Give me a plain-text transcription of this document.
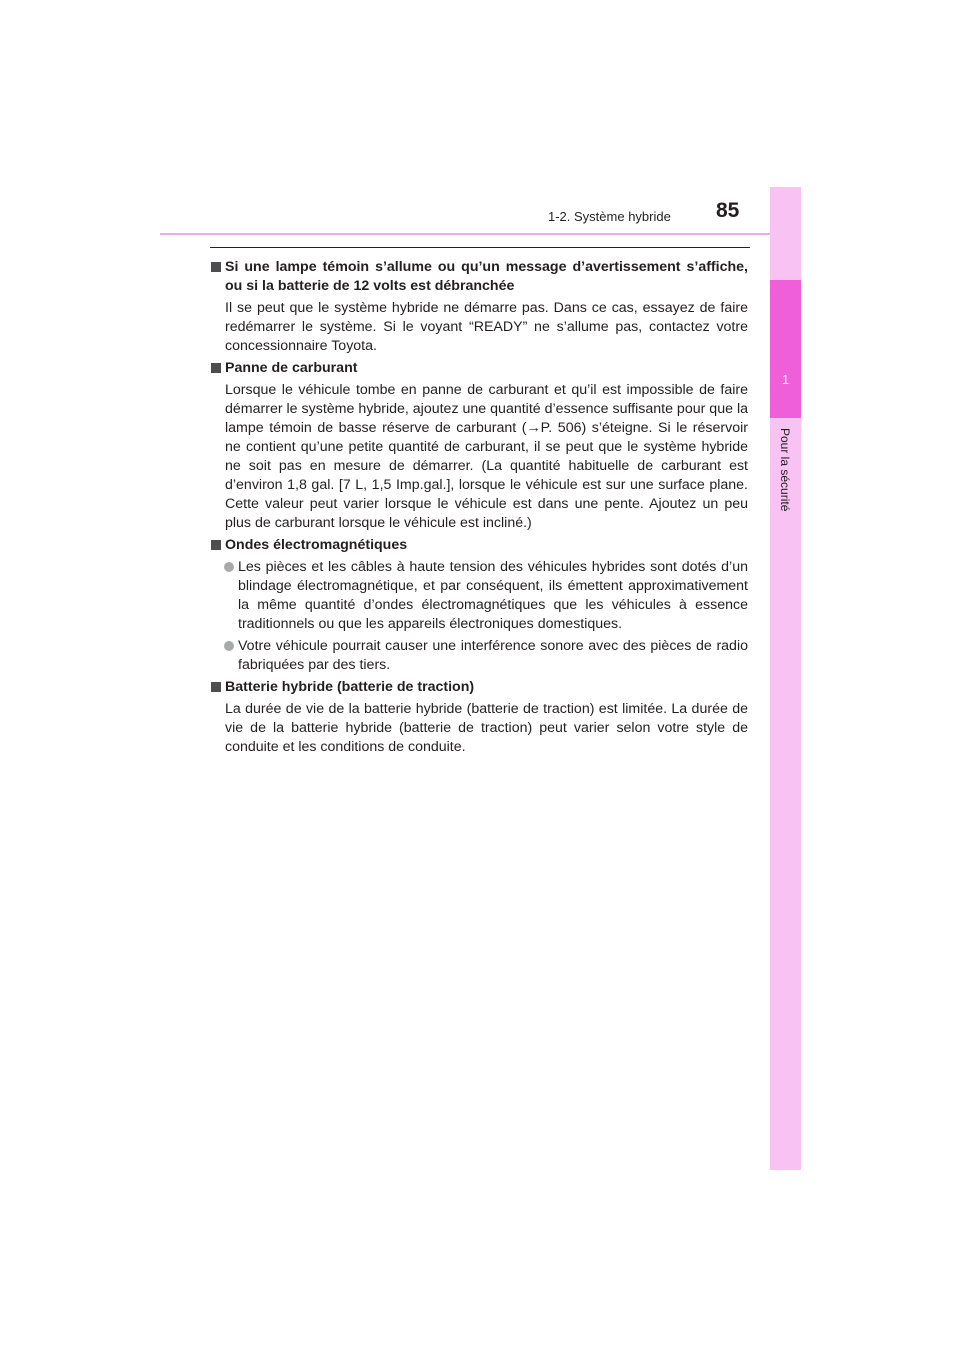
1-2. Système hybride 85
1
Pour la sécurité
Si une lampe témoin s’allume ou qu’un message d’avertissement s’affiche, ou si la batterie de 12 volts est débranchée
Il se peut que le système hybride ne démarre pas. Dans ce cas, essayez de faire redémarrer le système. Si le voyant “READY” ne s’allume pas, contactez votre concessionnaire Toyota.
Panne de carburant
Lorsque le véhicule tombe en panne de carburant et qu’il est impossible de faire démarrer le système hybride, ajoutez une quantité d’essence suffisante pour que la lampe témoin de basse réserve de carburant (→P. 506) s’éteigne. Si le réservoir ne contient qu’une petite quantité de carburant, il se peut que le système hybride ne soit pas en mesure de démarrer. (La quantité habituelle de carburant est d’environ 1,8 gal. [7 L, 1,5 Imp.gal.], lorsque le véhicule est sur une surface plane. Cette valeur peut varier lorsque le véhicule est dans une pente. Ajoutez un peu plus de carburant lorsque le véhicule est incliné.)
Ondes électromagnétiques
Les pièces et les câbles à haute tension des véhicules hybrides sont dotés d’un blindage électromagnétique, et par conséquent, ils émettent approximativement la même quantité d’ondes électromagnétiques que les véhicules à essence traditionnels ou que les appareils électroniques domestiques.
Votre véhicule pourrait causer une interférence sonore avec des pièces de radio fabriquées par des tiers.
Batterie hybride (batterie de traction)
La durée de vie de la batterie hybride (batterie de traction) est limitée. La durée de vie de la batterie hybride (batterie de traction) peut varier selon votre style de conduite et les conditions de conduite.
